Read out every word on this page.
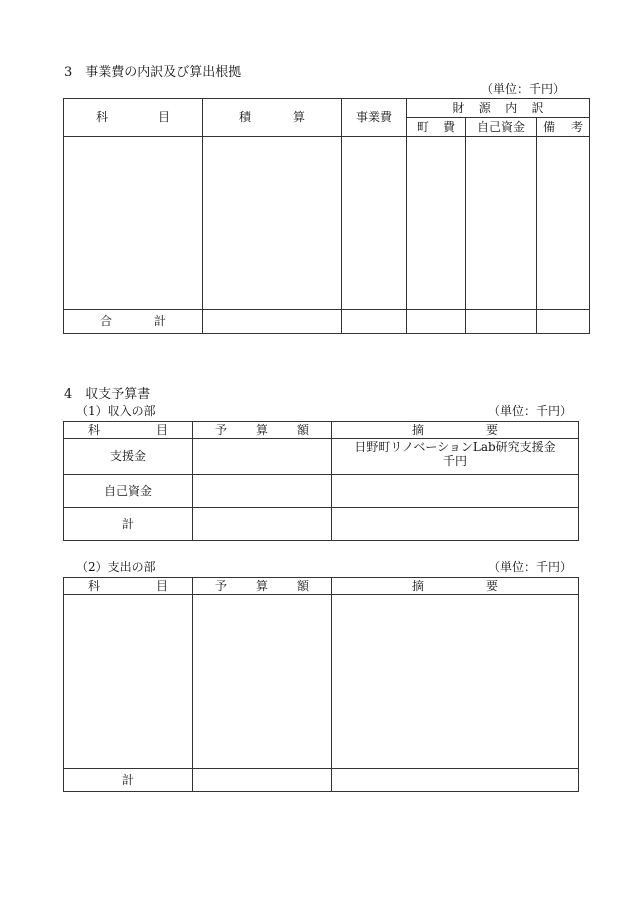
3　事業費の内訳及び算出根拠
（単位：千円）
科 目	積 算	事業費	財源内訳		

			町 費	自己資金	備 考

合 計					

4　収支予算書
（1）収入の部	（単位：千円）
科 目	予 算 額	摘 要

支援金		日野町リノベーションLab研究支援金
千円

自己資金		
計		
（2）支出の部	（単位：千円）
科 目	予 算 額	摘 要

計		
